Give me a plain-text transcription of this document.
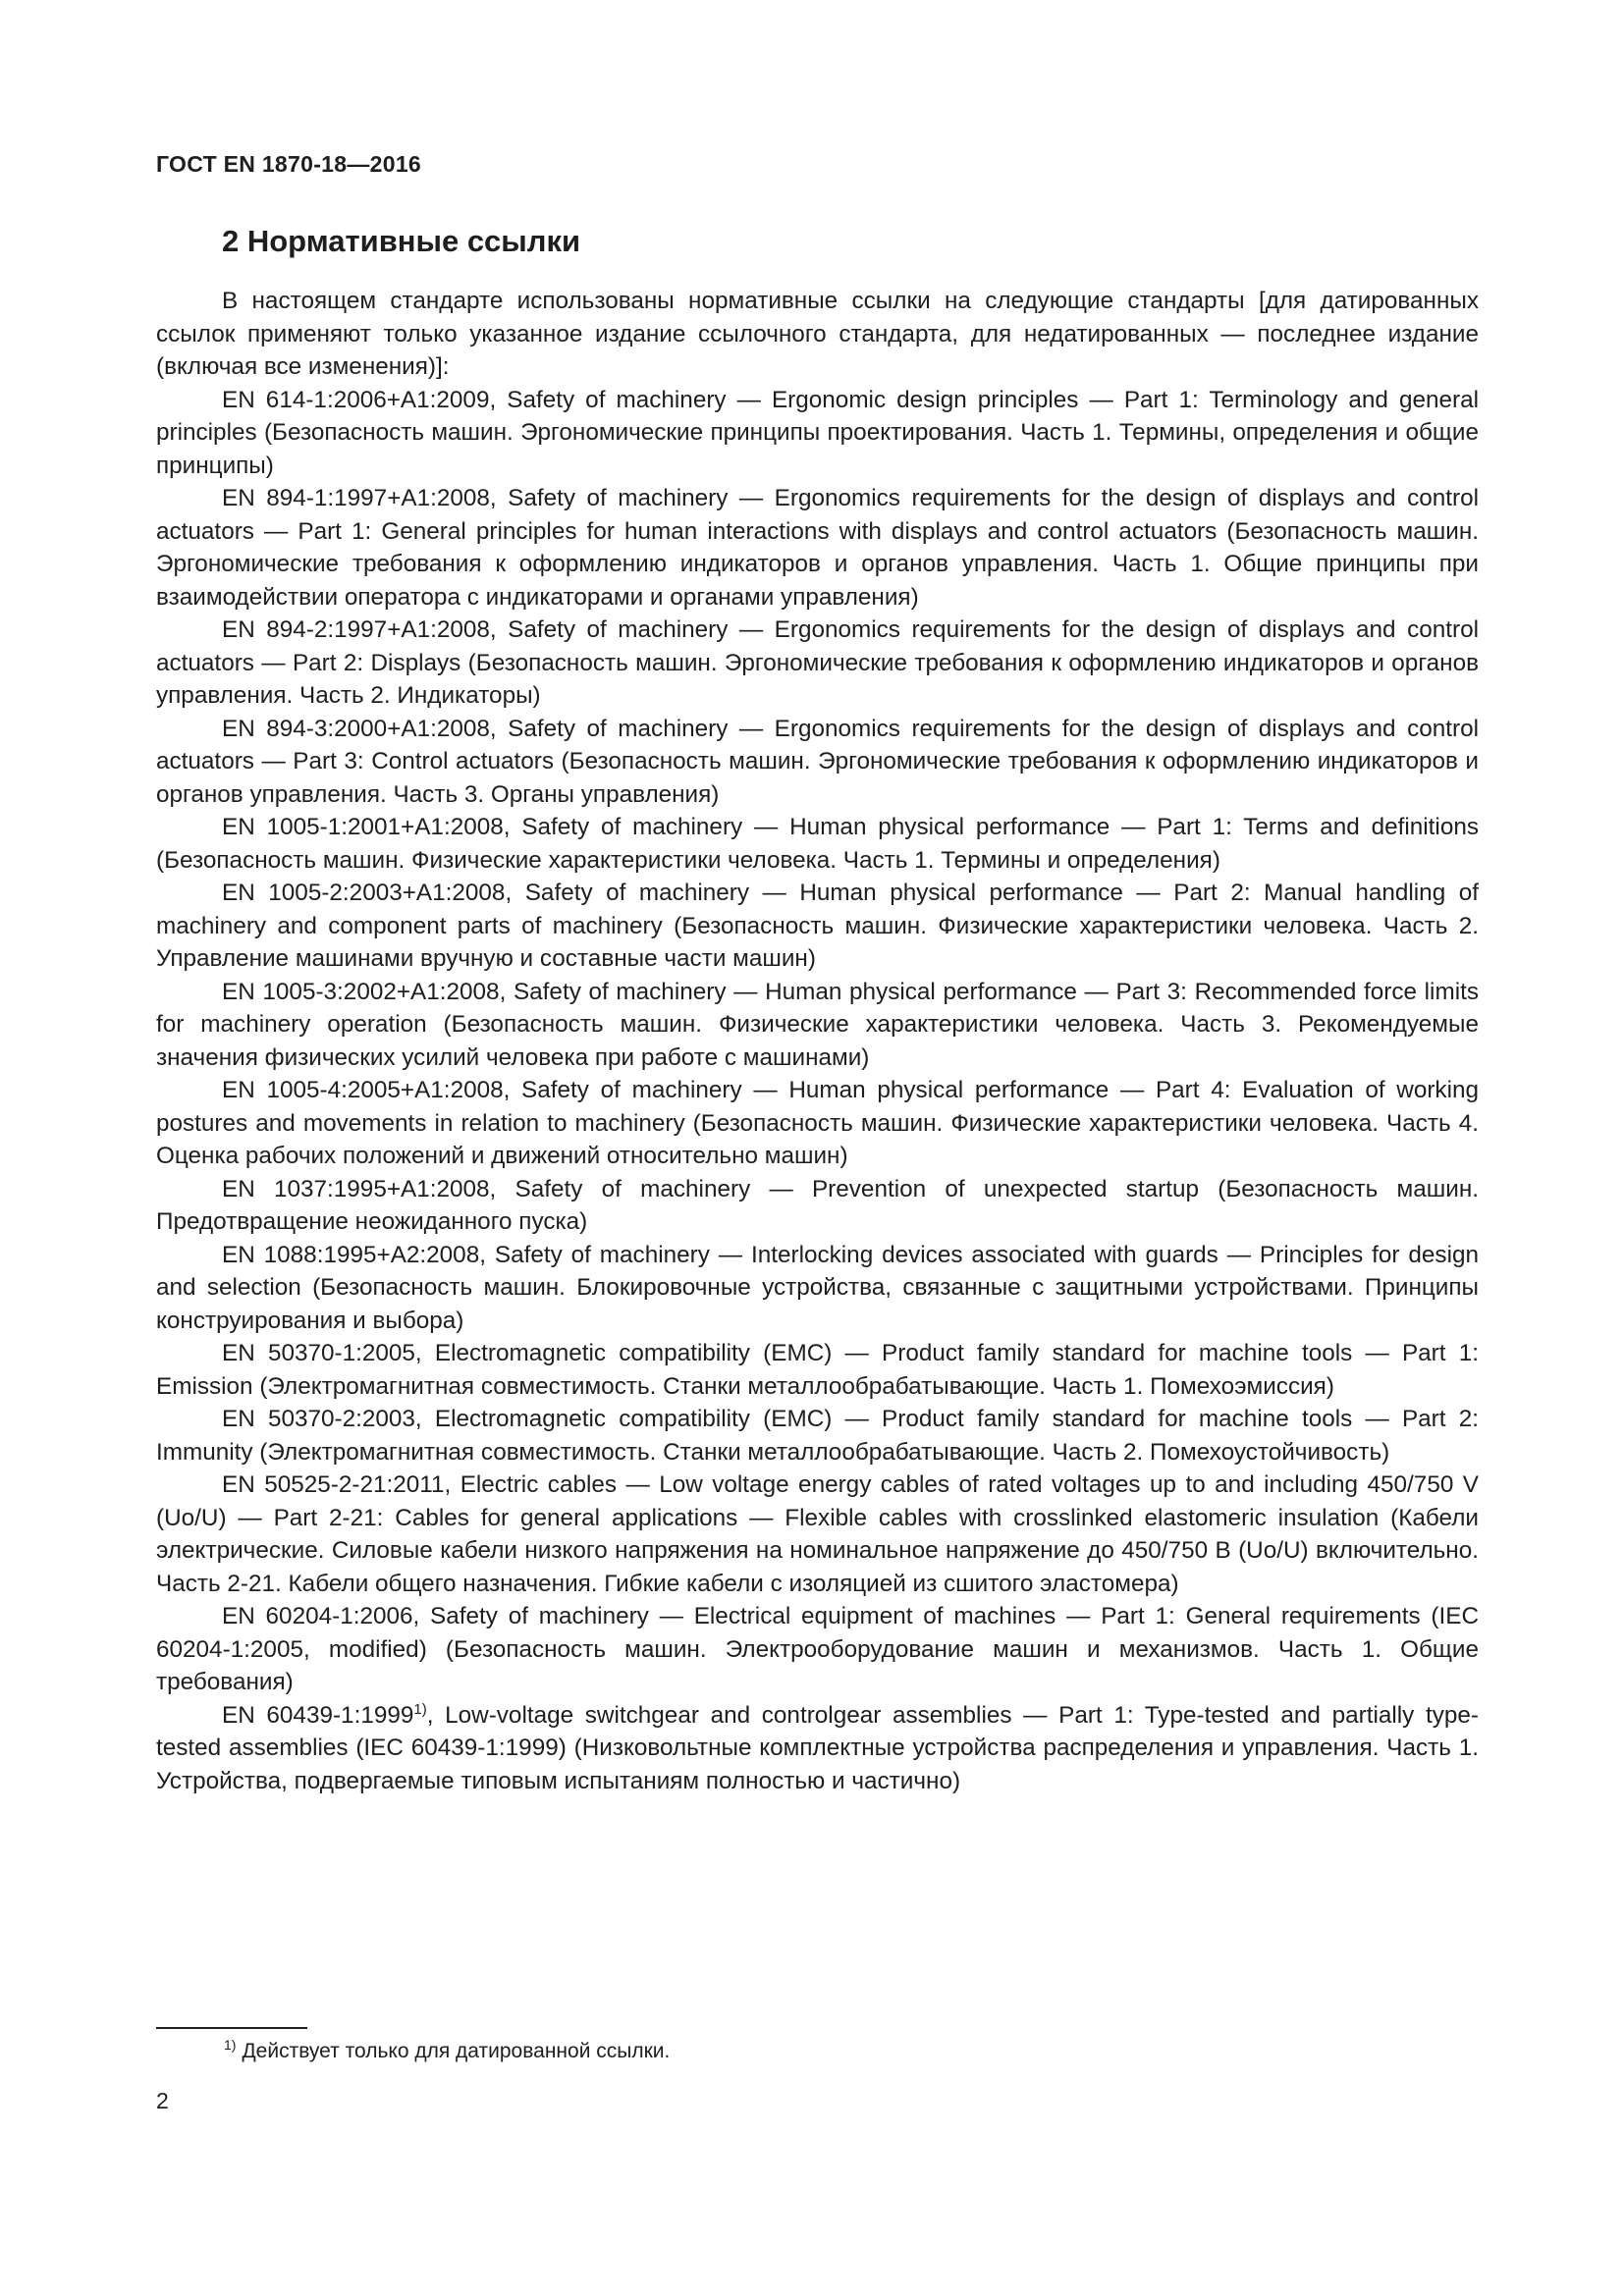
ГОСТ EN 1870-18—2016
2 Нормативные ссылки

В настоящем стандарте использованы нормативные ссылки на следующие стандарты [для датированных ссылок применяют только указанное издание ссылочного стандарта, для недатированных — последнее издание (включая все изменения)]:

EN 614-1:2006+A1:2009, Safety of machinery — Ergonomic design principles — Part 1: Terminology and general principles (Безопасность машин. Эргономические принципы проектирования. Часть 1. Термины, определения и общие принципы)

EN 894-1:1997+A1:2008, Safety of machinery — Ergonomics requirements for the design of displays and control actuators — Part 1: General principles for human interactions with displays and control actuators (Безопасность машин. Эргономические требования к оформлению индикаторов и органов управления. Часть 1. Общие принципы при взаимодействии оператора с индикаторами и органами управления)

EN 894-2:1997+A1:2008, Safety of machinery — Ergonomics requirements for the design of displays and control actuators — Part 2: Displays (Безопасность машин. Эргономические требования к оформлению индикаторов и органов управления. Часть 2. Индикаторы)

EN 894-3:2000+A1:2008, Safety of machinery — Ergonomics requirements for the design of displays and control actuators — Part 3: Control actuators (Безопасность машин. Эргономические требования к оформлению индикаторов и органов управления. Часть 3. Органы управления)

EN 1005-1:2001+A1:2008, Safety of machinery — Human physical performance — Part 1: Terms and definitions (Безопасность машин. Физические характеристики человека. Часть 1. Термины и определения)

EN 1005-2:2003+A1:2008, Safety of machinery — Human physical performance — Part 2: Manual handling of machinery and component parts of machinery (Безопасность машин. Физические характеристики человека. Часть 2. Управление машинами вручную и составные части машин)

EN 1005-3:2002+A1:2008, Safety of machinery — Human physical performance — Part 3: Recommended force limits for machinery operation (Безопасность машин. Физические характеристики человека. Часть 3. Рекомендуемые значения физических усилий человека при работе с машинами)

EN 1005-4:2005+A1:2008, Safety of machinery — Human physical performance — Part 4: Evaluation of working postures and movements in relation to machinery (Безопасность машин. Физические характеристики человека. Часть 4. Оценка рабочих положений и движений относительно машин)

EN 1037:1995+A1:2008, Safety of machinery — Prevention of unexpected startup (Безопасность машин. Предотвращение неожиданного пуска)

EN 1088:1995+A2:2008, Safety of machinery — Interlocking devices associated with guards — Principles for design and selection (Безопасность машин. Блокировочные устройства, связанные с защитными устройствами. Принципы конструирования и выбора)

EN 50370-1:2005, Electromagnetic compatibility (EMC) — Product family standard for machine tools — Part 1: Emission (Электромагнитная совместимость. Станки металлообрабатывающие. Часть 1. Помехоэмиссия)

EN 50370-2:2003, Electromagnetic compatibility (EMC) — Product family standard for machine tools — Part 2: Immunity (Электромагнитная совместимость. Станки металлообрабатывающие. Часть 2. Помехоустойчивость)

EN 50525-2-21:2011, Electric cables — Low voltage energy cables of rated voltages up to and including 450/750 V (Uo/U) — Part 2-21: Cables for general applications — Flexible cables with crosslinked elastomeric insulation (Кабели электрические. Силовые кабели низкого напряжения на номинальное напряжение до 450/750 В (Uo/U) включительно. Часть 2-21. Кабели общего назначения. Гибкие кабели с изоляцией из сшитого эластомера)

EN 60204-1:2006, Safety of machinery — Electrical equipment of machines — Part 1: General requirements (IEC 60204-1:2005, modified) (Безопасность машин. Электрооборудование машин и механизмов. Часть 1. Общие требования)

EN 60439-1:1999$^{1)}$, Low-voltage switchgear and controlgear assemblies — Part 1: Type-tested and partially type-tested assemblies (IEC 60439-1:1999) (Низковольтные комплектные устройства распределения и управления. Часть 1. Устройства, подвергаемые типовым испытаниям полностью и частично)

$^{1)}$ Действует только для датированной ссылки.

2
